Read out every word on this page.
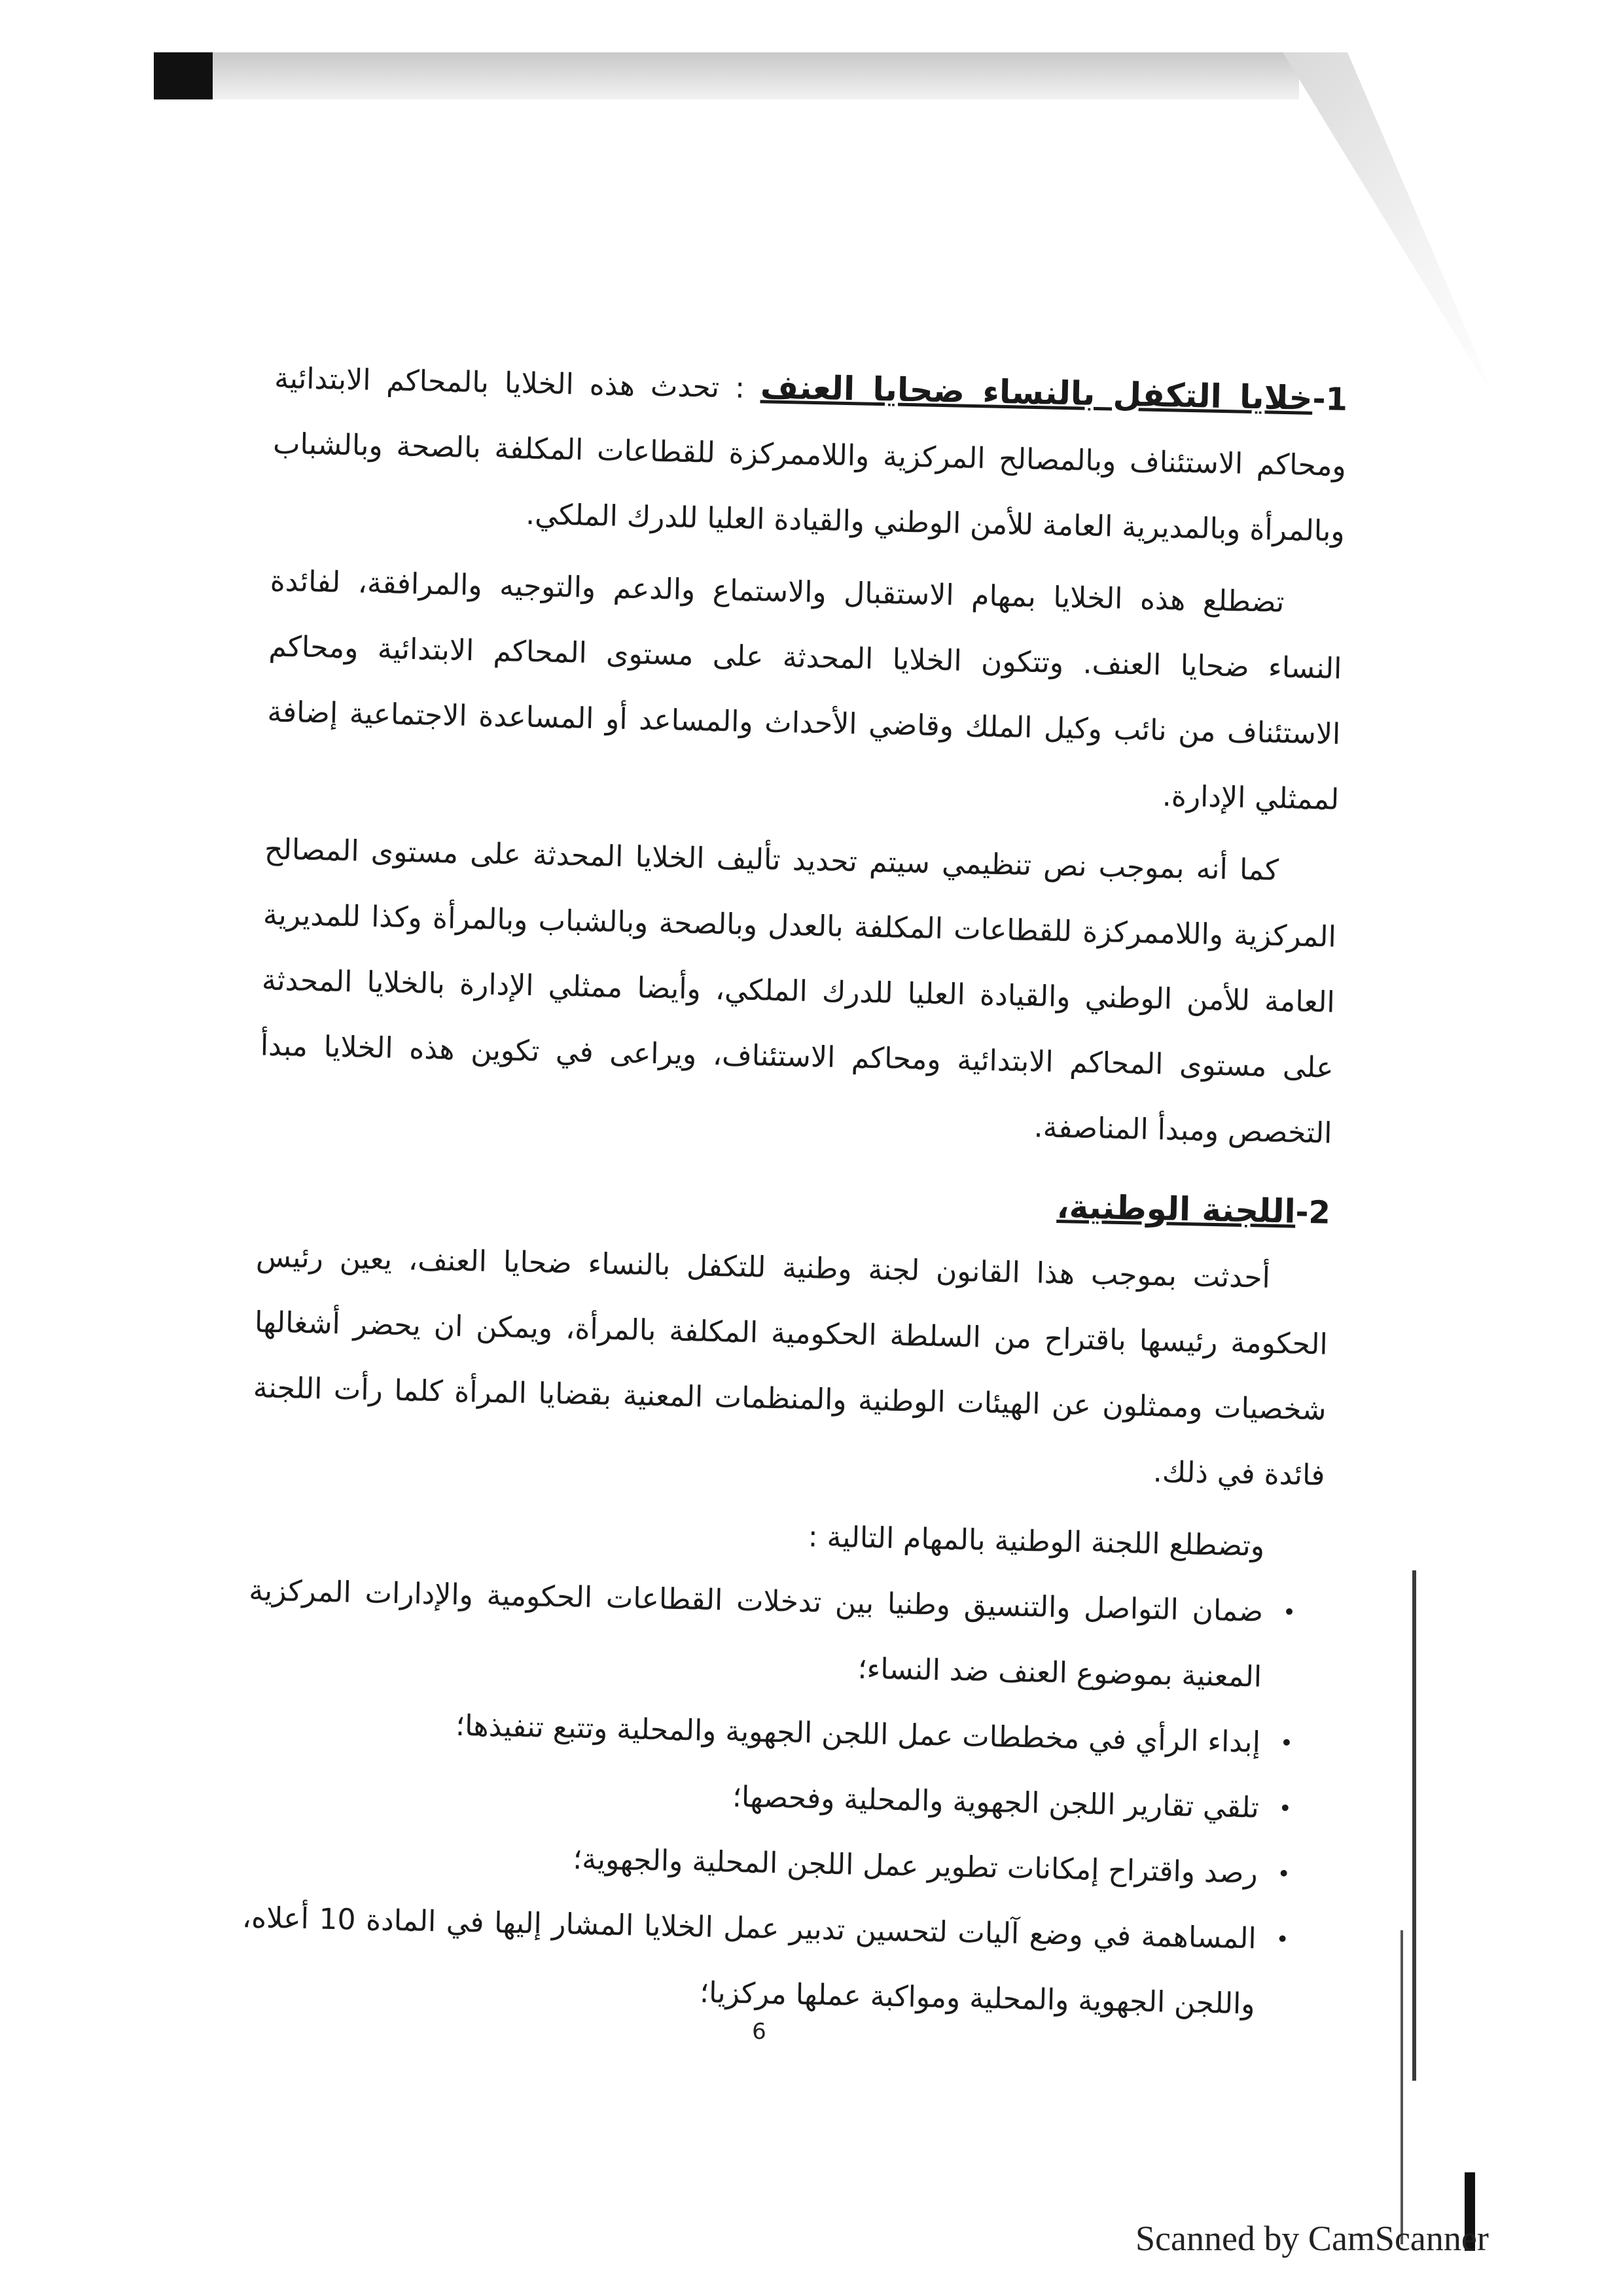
1-خلايا التكفل بالنساء ضحايا العنف : تحدث هذه الخلايا بالمحاكم الابتدائية ومحاكم الاستئناف وبالمصالح المركزية واللاممركزة للقطاعات المكلفة بالصحة وبالشباب وبالمرأة وبالمديرية العامة للأمن الوطني والقيادة العليا للدرك الملكي.

تضطلع هذه الخلايا بمهام الاستقبال والاستماع والدعم والتوجيه والمرافقة، لفائدة النساء ضحايا العنف. وتتكون الخلايا المحدثة على مستوى المحاكم الابتدائية ومحاكم الاستئناف من نائب وكيل الملك وقاضي الأحداث والمساعد أو المساعدة الاجتماعية إضافة لممثلي الإدارة.

كما أنه بموجب نص تنظيمي سيتم تحديد تأليف الخلايا المحدثة على مستوى المصالح المركزية واللاممركزة للقطاعات المكلفة بالعدل وبالصحة وبالشباب وبالمرأة وكذا للمديرية العامة للأمن الوطني والقيادة العليا للدرك الملكي، وأيضا ممثلي الإدارة بالخلايا المحدثة على مستوى المحاكم الابتدائية ومحاكم الاستئناف، ويراعى في تكوين هذه الخلايا مبدأ التخصص ومبدأ المناصفة.

2-اللجنة الوطنية،

أحدثت بموجب هذا القانون لجنة وطنية للتكفل بالنساء ضحايا العنف، يعين رئيس الحكومة رئيسها باقتراح من السلطة الحكومية المكلفة بالمرأة، ويمكن ان يحضر أشغالها شخصيات وممثلون عن الهيئات الوطنية والمنظمات المعنية بقضايا المرأة كلما رأت اللجنة فائدة في ذلك.

وتضطلع اللجنة الوطنية بالمهام التالية :

•
ضمان التواصل والتنسيق وطنيا بين تدخلات القطاعات الحكومية والإدارات المركزية المعنية بموضوع العنف ضد النساء؛
•
إبداء الرأي في مخططات عمل اللجن الجهوية والمحلية وتتبع تنفيذها؛
•
تلقي تقارير اللجن الجهوية والمحلية وفحصها؛
•
رصد واقتراح إمكانات تطوير عمل اللجن المحلية والجهوية؛
•
المساهمة في وضع آليات لتحسين تدبير عمل الخلايا المشار إليها في المادة 10 أعلاه، واللجن الجهوية والمحلية ومواكبة عملها مركزيا؛
6
Scanned by CamScanner
